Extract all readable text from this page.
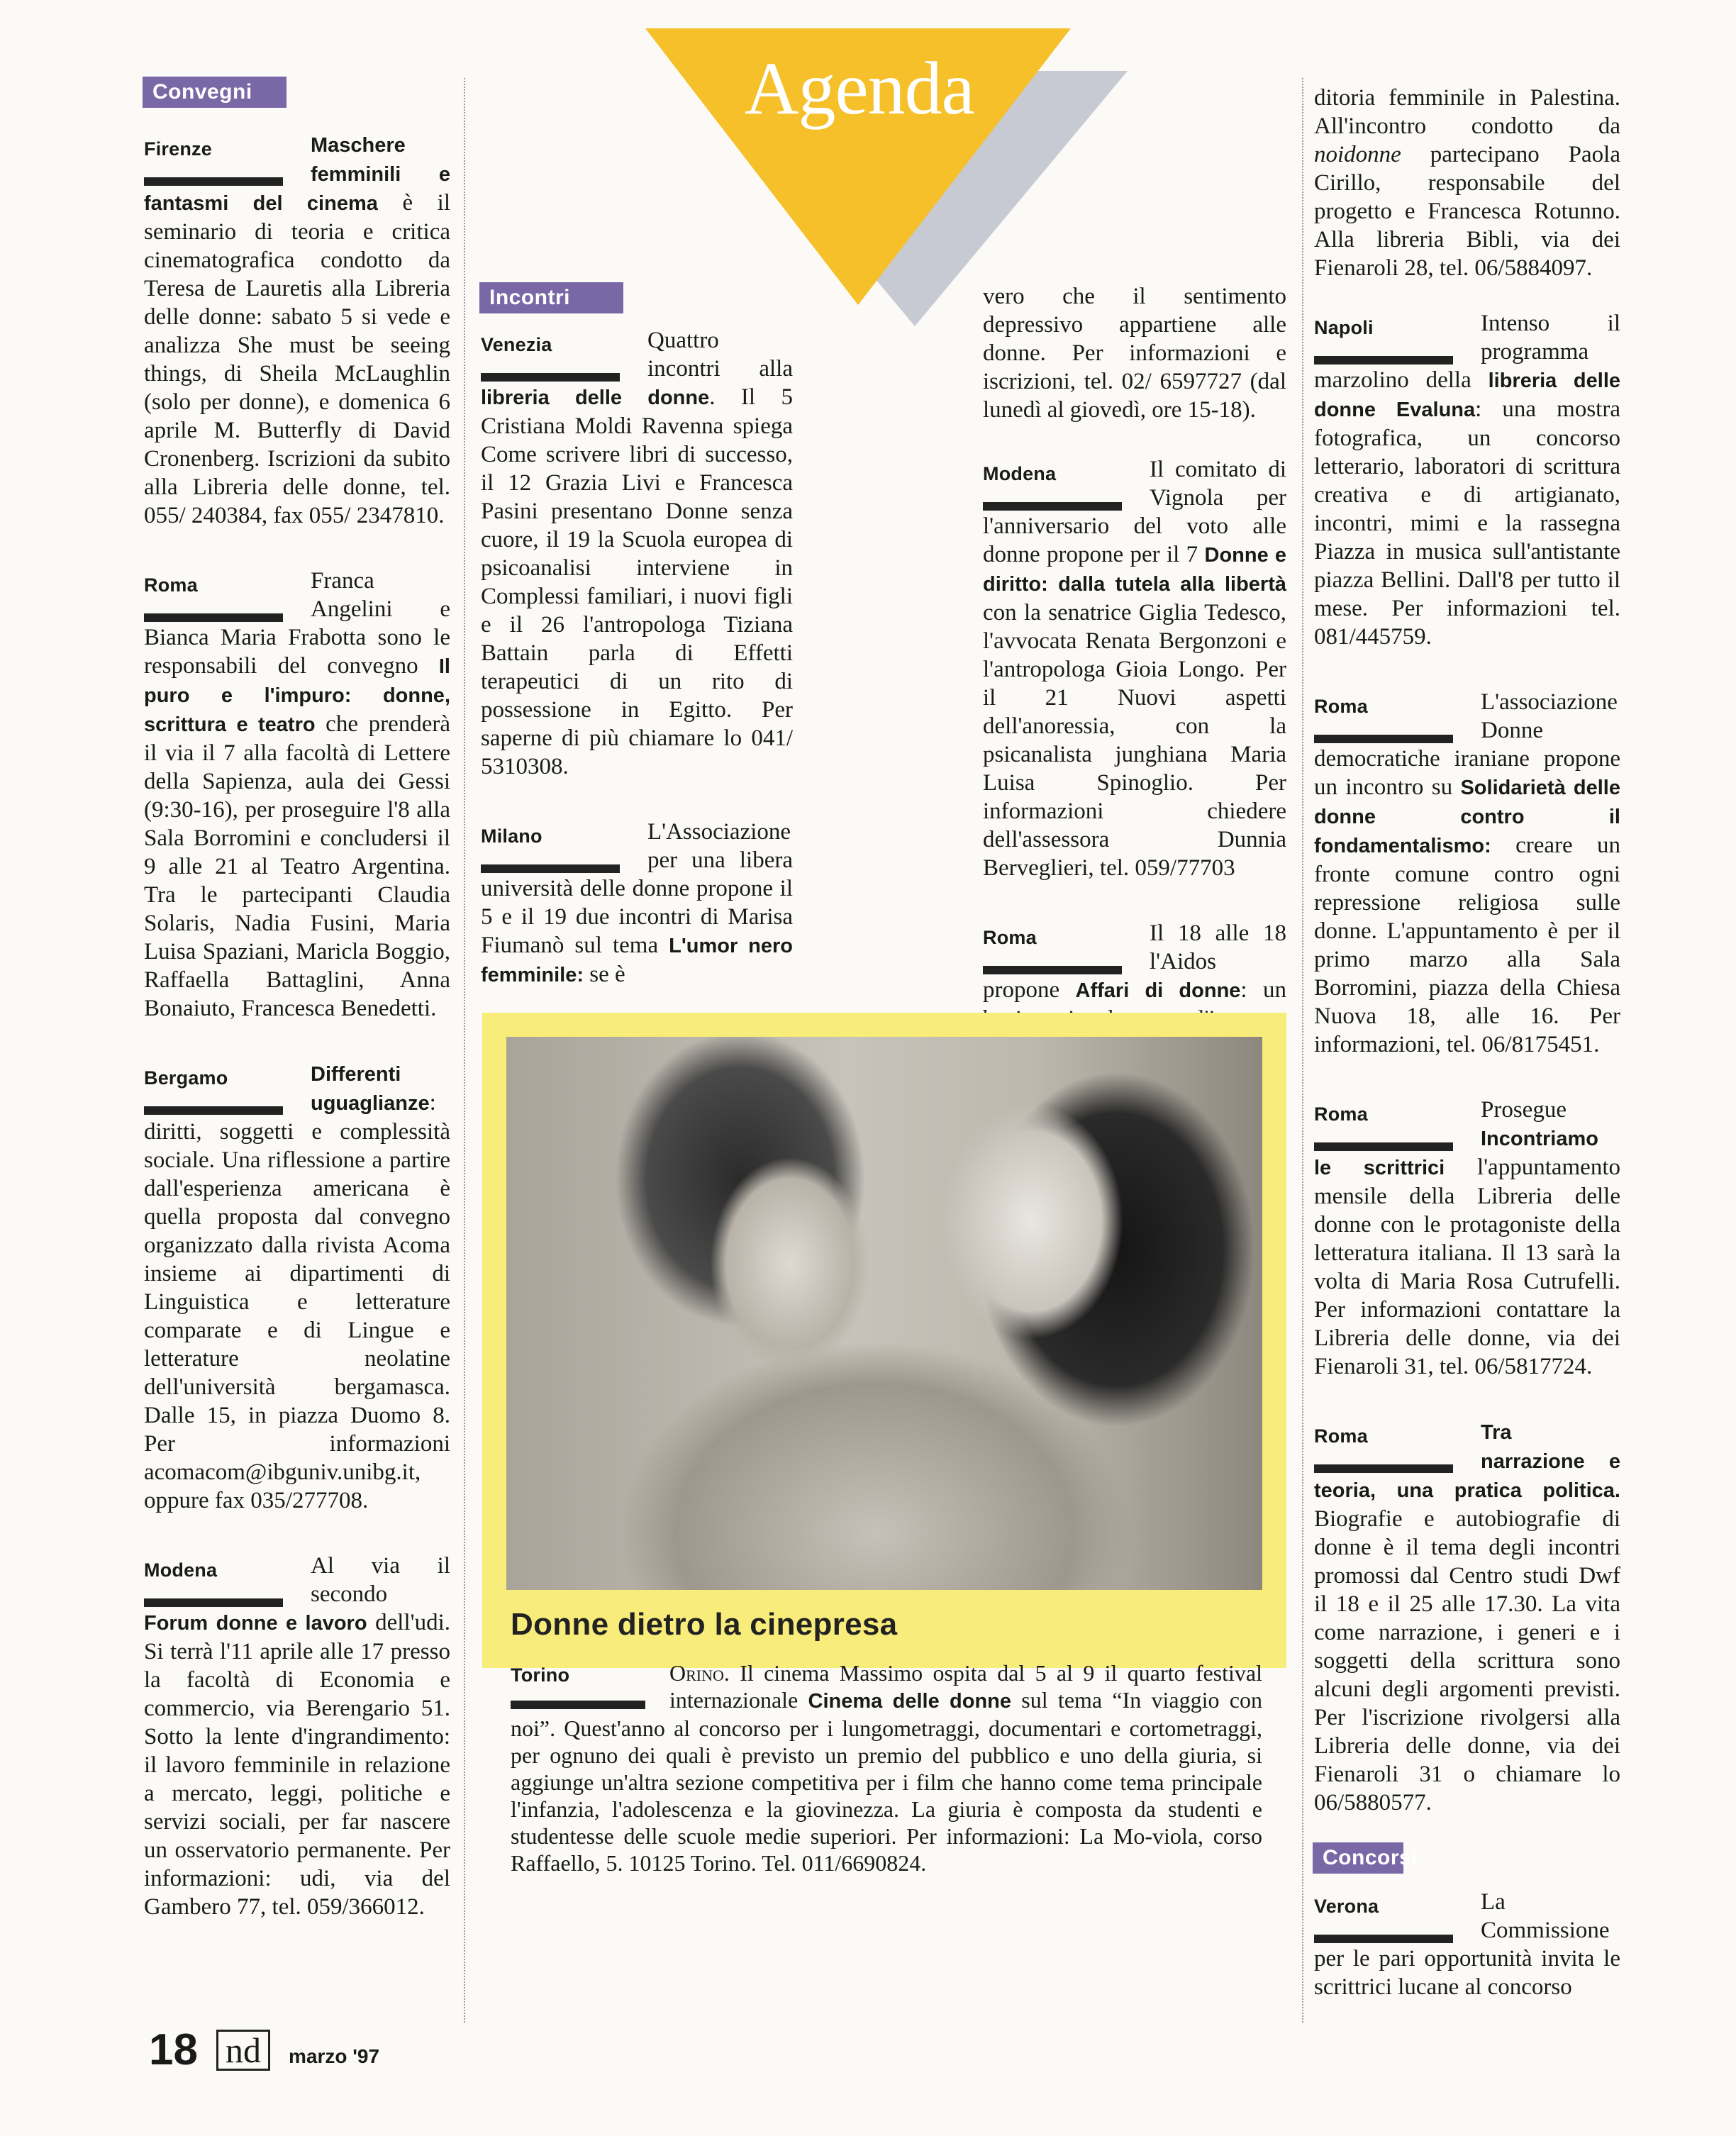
Agenda
Convegni
Firenze	Maschere femminili e fantasmi del cinema è il seminario di teoria e critica cinematografica condotto da Teresa de Lauretis alla Libreria delle donne: sabato 5 si vede e analizza She must be seeing things, di Sheila McLaughlin (solo per donne), e domenica 6 aprile M. Butterfly di David Cronenberg. Iscrizioni da subito alla Libreria delle donne, tel. 055/ 240384, fax 055/ 2347810.
Roma	Franca Angelini e Bianca Maria Frabotta sono le responsabili del convegno Il puro e l'impuro: donne, scrittura e teatro che prenderà il via il 7 alla facoltà di Lettere della Sapienza, aula dei Gessi (9:30-16), per proseguire l'8 alla Sala Borromini e concludersi il 9 alle 21 al Teatro Argentina. Tra le partecipanti Claudia Solaris, Nadia Fusini, Maria Luisa Spaziani, Maricla Boggio, Raffaella Battaglini, Anna Bonaiuto, Francesca Benedetti.
Bergamo	Differenti uguaglianze: diritti, soggetti e complessità sociale. Una riflessione a partire dall'esperienza americana è quella proposta dal convegno organizzato dalla rivista Acoma insieme ai dipartimenti di Linguistica e letterature comparate e di Lingue e letterature neolatine dell'università bergamasca. Dalle 15, in piazza Duomo 8. Per informazioni acomacom@ibguniv.unibg.it, oppure fax 035/277708.
Modena	Al via il secondo Forum donne e lavoro dell'udi. Si terrà l'11 aprile alle 17 presso la facoltà di Economia e commercio, via Berengario 51. Sotto la lente d'ingrandimento: il lavoro femminile in relazione a mercato, leggi, politiche e servizi sociali, per far nascere un osservatorio permanente. Per informazioni: udi, via del Gambero 77, tel. 059/366012.
Incontri
Venezia	Quattro incontri alla libreria delle donne. Il 5 Cristiana Moldi Ravenna spiega Come scrivere libri di successo, il 12 Grazia Livi e Francesca Pasini presentano Donne senza cuore, il 19 la Scuola europea di psicoanalisi interviene in Complessi familiari, i nuovi figli e il 26 l'antropologa Tiziana Battain parla di Effetti terapeutici di un rito di possessione in Egitto. Per saperne di più chiamare lo 041/ 5310308.
Milano	L'Associazione per una libera università delle donne propone il 5 e il 19 due incontri di Marisa Fiumanò sul tema L'umor nero femminile: se è
vero che il sentimento depressivo appartiene alle donne. Per informazioni e iscrizioni, tel. 02/ 6597727 (dal lunedì al giovedì, ore 15-18).
Modena	Il comitato di Vignola per l'anniversario del voto alle donne propone per il 7 Donne e diritto: dalla tutela alla libertà con la senatrice Giglia Tedesco, l'avvocata Renata Bergonzoni e l'antropologa Gioia Longo. Per il 21 Nuovi aspetti dell'anoressia, con la psicanalista junghiana Maria Luisa Spinoglio. Per informazioni chiedere dell'assessora Dunnia Berveglieri, tel. 059/77703
Roma	Il 18 alle 18 l'Aidos propone Affari di donne: un
ditoria femminile in Palestina. All'incontro condotto da noidonne partecipano Paola Cirillo, responsabile del progetto e Francesca Rotunno. Alla libreria Bibli, via dei Fienaroli 28, tel. 06/5884097.
Napoli	Intenso il programma marzolino della libreria delle donne Evaluna: una mostra fotografica, un concorso letterario, laboratori di scrittura creativa e di artigianato, incontri, mimi e la rassegna Piazza in musica sull'antistante piazza Bellini. Dall'8 per tutto il mese. Per informazioni tel. 081/445759.
Roma	L'associazione Donne democratiche iraniane propone un incontro su Solidarietà delle donne contro il fondamentalismo: creare un fronte comune contro ogni repressione religiosa sulle donne. L'appuntamento è per il primo marzo alla Sala Borromini, piazza della Chiesa Nuova 18, alle 16. Per informazioni, tel. 06/8175451.
Roma	Prosegue Incontriamo le scrittrici l'appuntamento mensile della Libreria delle donne con le protagoniste della letteratura italiana. Il 13 sarà la volta di Maria Rosa Cutrufelli. Per informazioni contattare la Libreria delle donne, via dei Fienaroli 31, tel. 06/5817724.
Roma	Tra narrazione e teoria, una pratica politica. Biografie e autobiografie di donne è il tema degli incontri promossi dal Centro studi Dwf il 18 e il 25 alle 17.30. La vita come narrazione, i generi e i soggetti della scrittura sono alcuni degli argomenti previsti. Per l'iscrizione rivolgersi alla Libreria delle donne, via dei Fienaroli 31 o chiamare lo 06/5880577.
Concorsi
Verona	La Commissione per le pari opportunità invita le scrittrici lucane al concorso
Donne dietro la cinepresa
Torino	Orino. Il cinema Massimo ospita dal 5 al 9 il quarto festival internazionale Cinema delle donne sul tema “In viaggio con noi”. Quest'anno al concorso per i lungometraggi, documentari e cortometraggi, per ognuno dei quali è previsto un premio del pubblico e uno della giuria, si aggiunge un'altra sezione competitiva per i film che hanno come tema principale l'infanzia, l'adolescenza e la giovinezza. La giuria è composta da studenti e studentesse delle scuole medie superiori. Per informazioni: La Mo-viola, corso Raffaello, 5. 10125 Torino. Tel. 011/6690824.
18 nd	marzo '97
